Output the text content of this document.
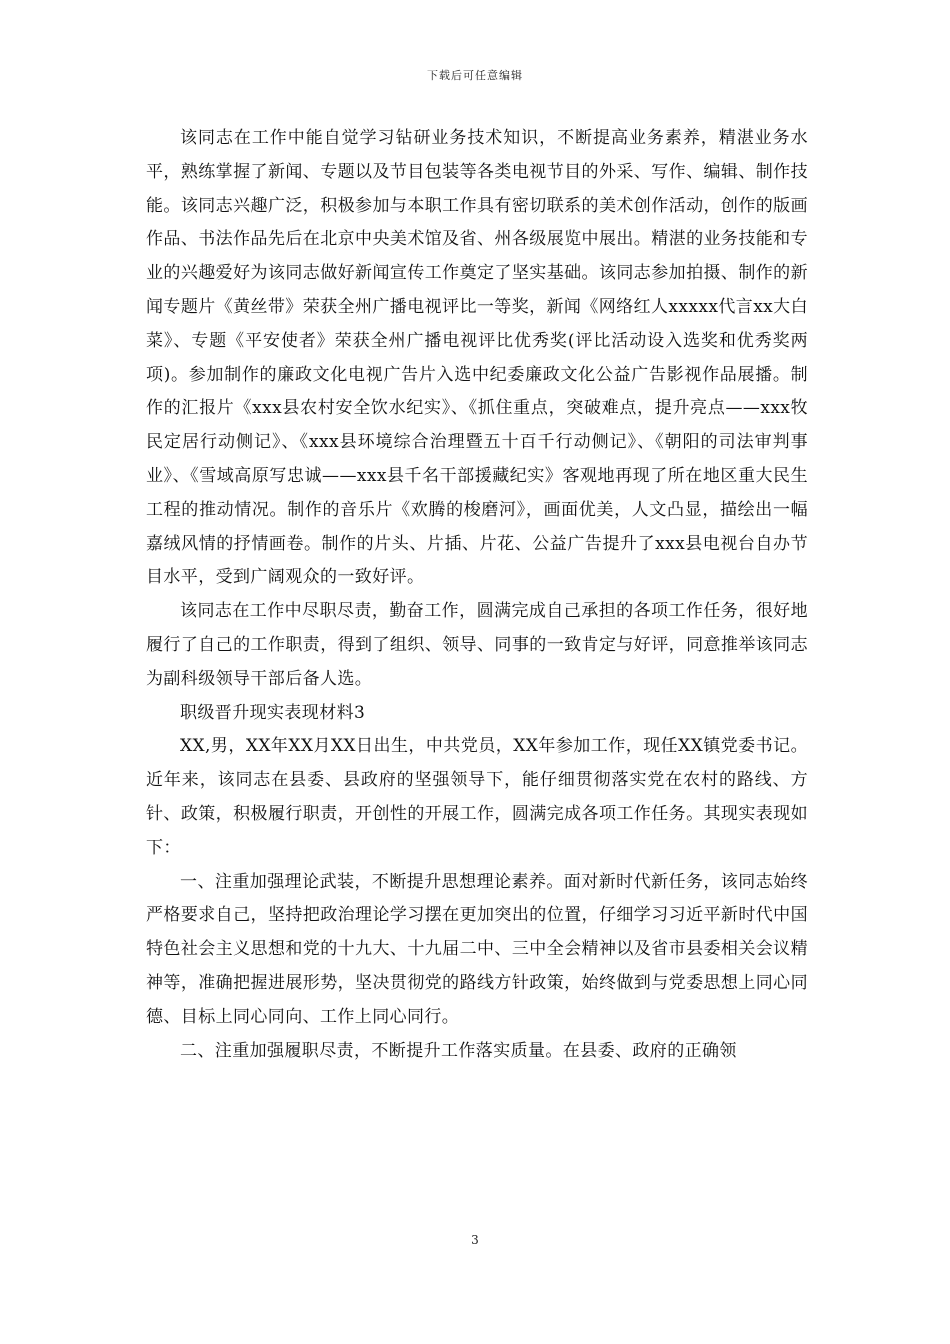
下载后可任意编辑

该同志在工作中能自觉学习钻研业务技术知识，不断提高业务素养，精湛业务水平，熟练掌握了新闻、专题以及节目包装等各类电视节目的外采、写作、编辑、制作技能。该同志兴趣广泛，积极参加与本职工作具有密切联系的美术创作活动，创作的版画作品、书法作品先后在北京中央美术馆及省、州各级展览中展出。精湛的业务技能和专业的兴趣爱好为该同志做好新闻宣传工作奠定了坚实基础。该同志参加拍摄、制作的新闻专题片《黄丝带》荣获全州广播电视评比一等奖，新闻《网络红人xxxxx代言xx大白菜》、专题《平安使者》荣获全州广播电视评比优秀奖(评比活动设入选奖和优秀奖两项)。参加制作的廉政文化电视广告片入选中纪委廉政文化公益广告影视作品展播。制作的汇报片《xxx县农村安全饮水纪实》、《抓住重点，突破难点，提升亮点——xxx牧民定居行动侧记》、《xxx县环境综合治理暨五十百千行动侧记》、《朝阳的司法审判事业》、《雪域高原写忠诚——xxx县千名干部援藏纪实》客观地再现了所在地区重大民生工程的推动情况。制作的音乐片《欢腾的梭磨河》，画面优美，人文凸显，描绘出一幅嘉绒风情的抒情画卷。制作的片头、片插、片花、公益广告提升了xxx县电视台自办节目水平，受到广阔观众的一致好评。

该同志在工作中尽职尽责，勤奋工作，圆满完成自己承担的各项工作任务，很好地履行了自己的工作职责，得到了组织、领导、同事的一致肯定与好评，同意推举该同志为副科级领导干部后备人选。

职级晋升现实表现材料3

XX,男，XX年XX月XX日出生，中共党员，XX年参加工作，现任XX镇党委书记。近年来，该同志在县委、县政府的坚强领导下，能仔细贯彻落实党在农村的路线、方针、政策，积极履行职责，开创性的开展工作，圆满完成各项工作任务。其现实表现如下：

一、注重加强理论武装，不断提升思想理论素养。面对新时代新任务，该同志始终严格要求自己，坚持把政治理论学习摆在更加突出的位置，仔细学习习近平新时代中国特色社会主义思想和党的十九大、十九届二中、三中全会精神以及省市县委相关会议精神等，准确把握进展形势，坚决贯彻党的路线方针政策，始终做到与党委思想上同心同德、目标上同心同向、工作上同心同行。

二、注重加强履职尽责，不断提升工作落实质量。在县委、政府的正确领

3
